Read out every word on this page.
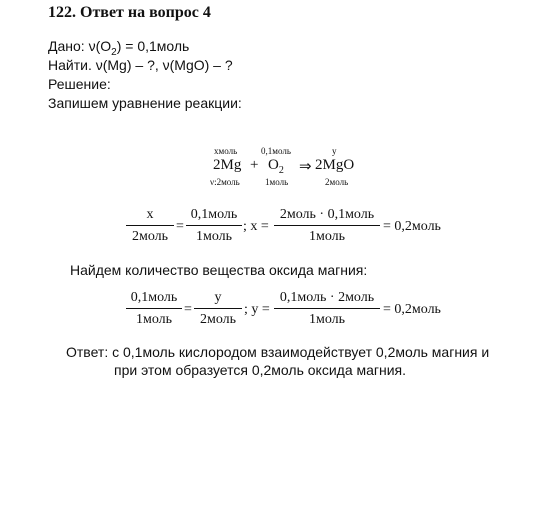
122. Ответ на вопрос 4
Дано: $\nu(O_2)$ = 0,1моль
Найти. ν(Mg) – ?, ν(MgO) – ?
Решение:
Запишем уравнение реакции:
xмоль	0,1моль	y
$2Mg + O_2$ ⇒ 2MgO
ν:2моль	1моль	2моль
x
2моль
=
0,1моль
1моль
; x =
2моль · 0,1моль
1моль
= 0,2моль
Найдем количество вещества оксида магния:
0,1моль
1моль
=
y
2моль
; y =
0,1моль · 2моль
1моль
= 0,2моль
Ответ: с 0,1моль кислородом взаимодействует 0,2моль магния и
при этом образуется 0,2моль оксида магния.
